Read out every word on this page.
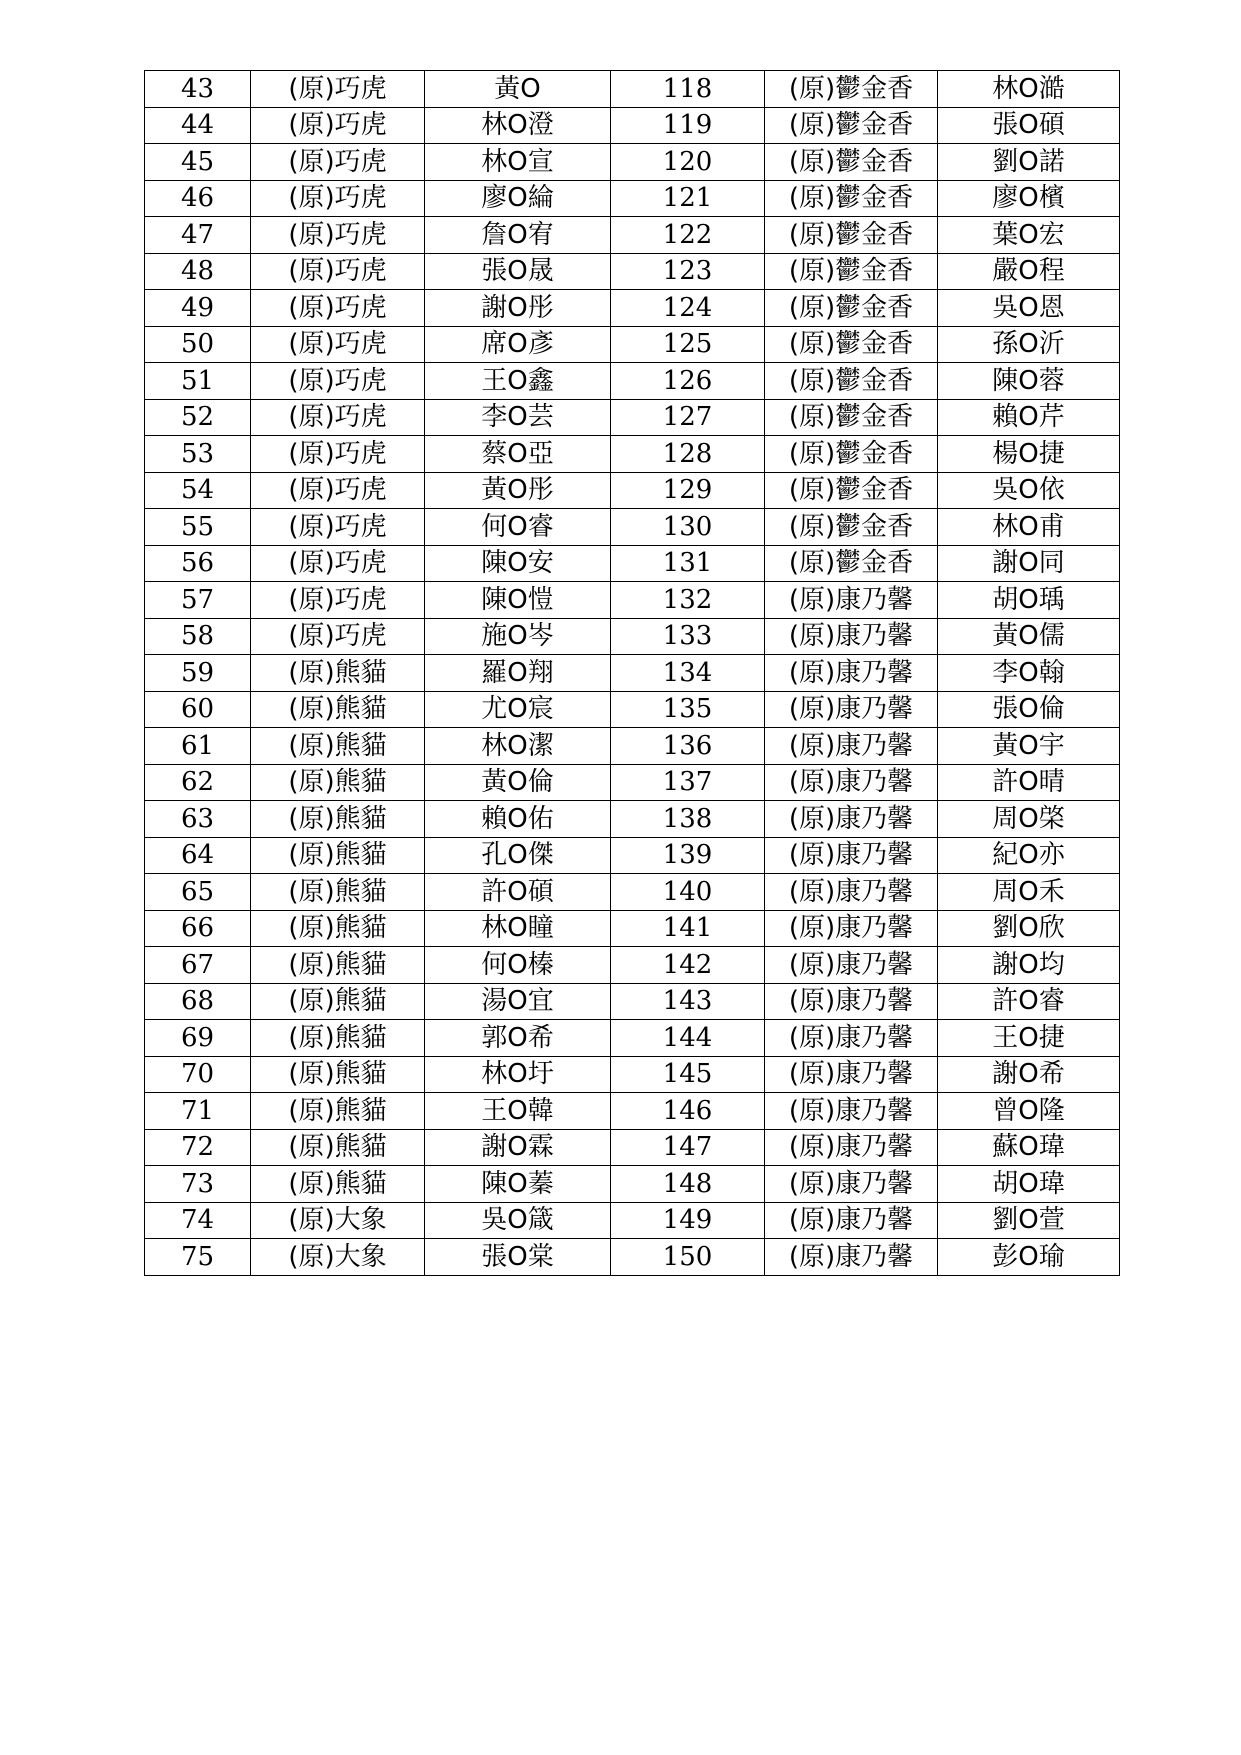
43	(原)巧虎	黃O	118	(原)鬱金香	林O澔
44	(原)巧虎	林O澄	119	(原)鬱金香	張O碩
45	(原)巧虎	林O宣	120	(原)鬱金香	劉O諾
46	(原)巧虎	廖O綸	121	(原)鬱金香	廖O檳
47	(原)巧虎	詹O宥	122	(原)鬱金香	葉O宏
48	(原)巧虎	張O晟	123	(原)鬱金香	嚴O程
49	(原)巧虎	謝O彤	124	(原)鬱金香	吳O恩
50	(原)巧虎	席O彥	125	(原)鬱金香	孫O沂
51	(原)巧虎	王O鑫	126	(原)鬱金香	陳O蓉
52	(原)巧虎	李O芸	127	(原)鬱金香	賴O芹
53	(原)巧虎	蔡O亞	128	(原)鬱金香	楊O捷
54	(原)巧虎	黃O彤	129	(原)鬱金香	吳O依
55	(原)巧虎	何O睿	130	(原)鬱金香	林O甫
56	(原)巧虎	陳O安	131	(原)鬱金香	謝O同
57	(原)巧虎	陳O愷	132	(原)康乃馨	胡O瑀
58	(原)巧虎	施O岑	133	(原)康乃馨	黃O儒
59	(原)熊貓	羅O翔	134	(原)康乃馨	李O翰
60	(原)熊貓	尤O宸	135	(原)康乃馨	張O倫
61	(原)熊貓	林O潔	136	(原)康乃馨	黃O宇
62	(原)熊貓	黃O倫	137	(原)康乃馨	許O晴
63	(原)熊貓	賴O佑	138	(原)康乃馨	周O棨
64	(原)熊貓	孔O傑	139	(原)康乃馨	紀O亦
65	(原)熊貓	許O碩	140	(原)康乃馨	周O禾
66	(原)熊貓	林O瞳	141	(原)康乃馨	劉O欣
67	(原)熊貓	何O榛	142	(原)康乃馨	謝O均
68	(原)熊貓	湯O宜	143	(原)康乃馨	許O睿
69	(原)熊貓	郭O希	144	(原)康乃馨	王O捷
70	(原)熊貓	林O圩	145	(原)康乃馨	謝O希
71	(原)熊貓	王O韓	146	(原)康乃馨	曾O隆
72	(原)熊貓	謝O霖	147	(原)康乃馨	蘇O瑋
73	(原)熊貓	陳O蓁	148	(原)康乃馨	胡O瑋
74	(原)大象	吳O箴	149	(原)康乃馨	劉O萱
75	(原)大象	張O棠	150	(原)康乃馨	彭O瑜
